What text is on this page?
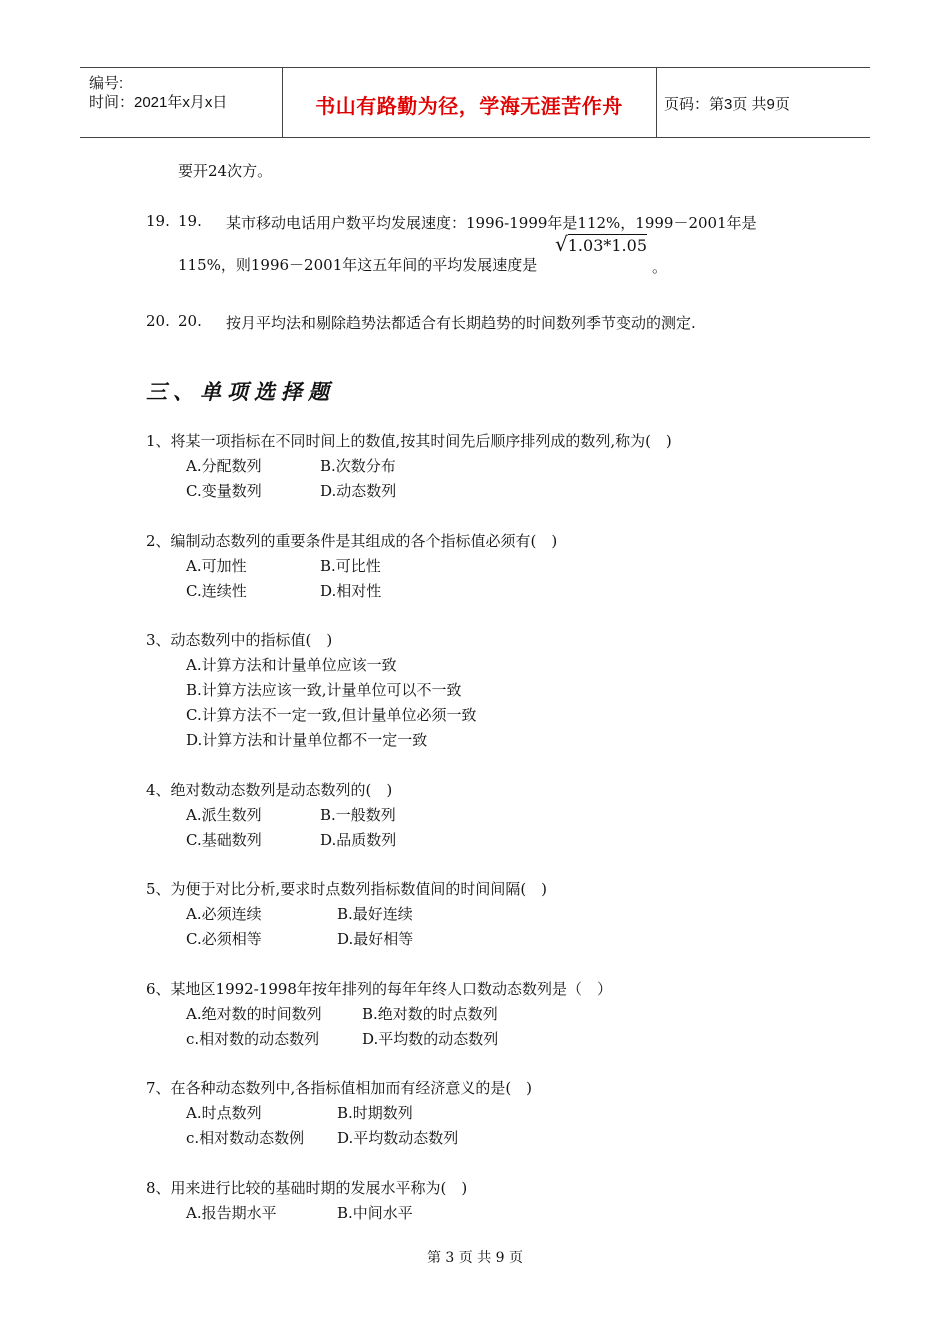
编号:
时间：2021年x月x日	书山有路勤为径，学海无涯苦作舟	页码：第3页 共9页
要开24次方。
19. 19. 某市移动电话用户数平均发展速度：1996-1999年是112%，1999－2001年是
115%，则1996－2001年这五年间的平均发展速度是
√1.03*1.05
。
20. 20. 按月平均法和剔除趋势法都适合有长期趋势的时间数列季节变动的测定.
三、单项选择题
1、将某一项指标在不同时间上的数值,按其时间先后顺序排列成的数列,称为(　)
A.分配数列	B.次数分布
C.变量数列	D.动态数列
2、编制动态数列的重要条件是其组成的各个指标值必须有(　)
A.可加性	B.可比性
C.连续性	D.相对性
3、动态数列中的指标值(　)
A.计算方法和计量单位应该一致
B.计算方法应该一致,计量单位可以不一致
C.计算方法不一定一致,但计量单位必须一致
D.计算方法和计量单位都不一定一致
4、绝对数动态数列是动态数列的(　)
A.派生数列	B.一般数列
C.基础数列	D.品质数列
5、为便于对比分析,要求时点数列指标数值间的时间间隔(　)
A.必须连续	B.最好连续
C.必须相等	D.最好相等
6、某地区1992-1998年按年排列的每年年终人口数动态数列是（　）
A.绝对数的时间数列	B.绝对数的时点数列
c.相对数的动态数列	D.平均数的动态数列
7、在各种动态数列中,各指标值相加而有经济意义的是(　)
A.时点数列	B.时期数列
c.相对数动态数例 D.平均数动态数列
8、用来进行比较的基础时期的发展水平称为(　)
A.报告期水平	B.中间水平
第 3 页 共 9 页
